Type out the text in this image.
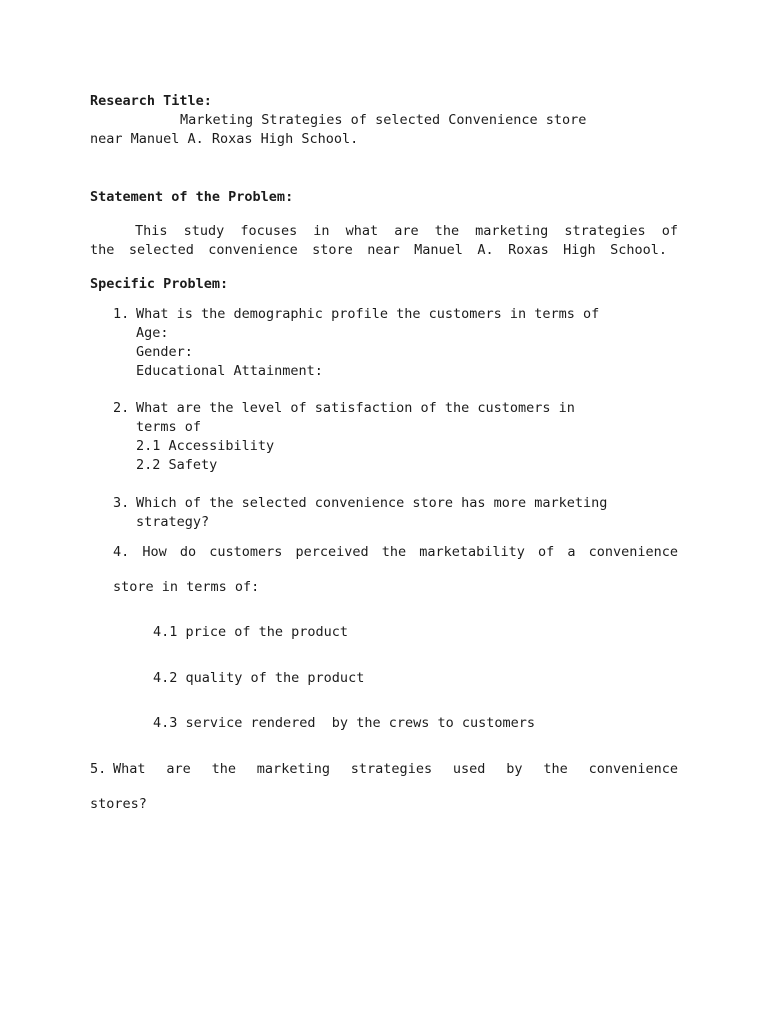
Research Title:
Marketing Strategies of selected Convenience store
near Manuel A. Roxas High School.
Statement of the Problem:
This study focuses in what are the marketing strategies of
the selected convenience store near Manuel A. Roxas High School.
Specific Problem:
1. What is the demographic profile the customers in terms of
Age:
Gender:
Educational Attainment:
2. What are the level of satisfaction of the customers in
terms of
2.1 Accessibility
2.2 Safety
3. Which of the selected convenience store has more marketing
strategy?
4. How do customers perceived the marketability of a convenience
store in terms of:
4.1 price of the product
4.2 quality of the product
4.3 service rendered  by the crews to customers
5. What are the marketing strategies used by the convenience
stores?
